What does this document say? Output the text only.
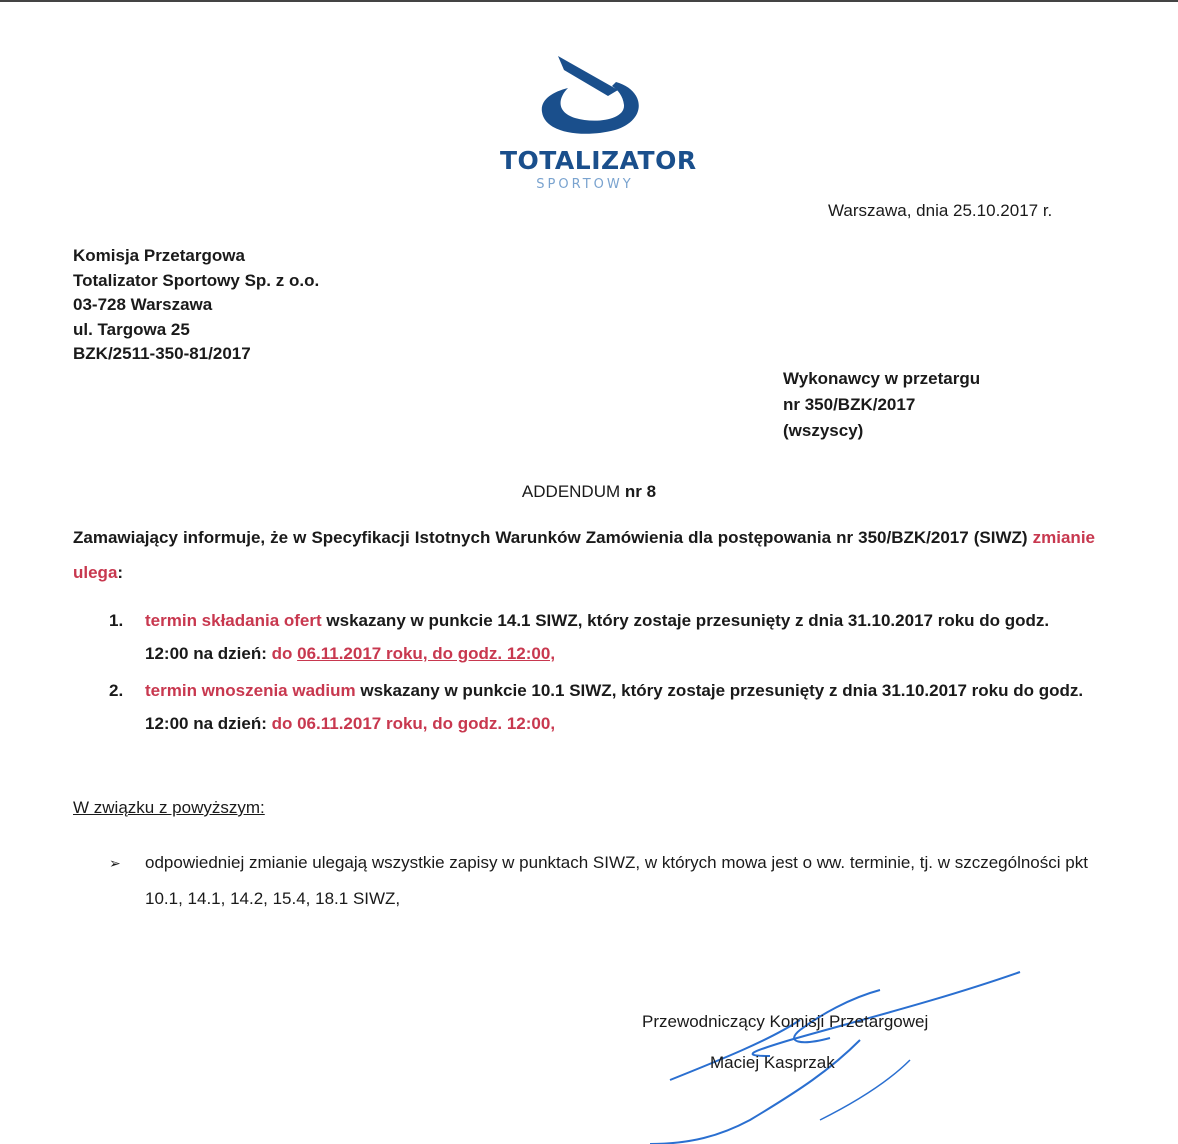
TOTALIZATOR
SPORTOWY
Warszawa, dnia 25.10.2017 r.
Komisja Przetargowa
Totalizator Sportowy Sp. z o.o.
03-728 Warszawa
ul. Targowa 25
BZK/2511-350-81/2017
Wykonawcy w przetargu
nr 350/BZK/2017
(wszyscy)
ADDENDUM nr 8
Zamawiający informuje, że w Specyfikacji Istotnych Warunków Zamówienia dla postępowania nr 350/BZK/2017 (SIWZ) zmianie ulega:
1. termin składania ofert wskazany w punkcie 14.1 SIWZ, który zostaje przesunięty z dnia 31.10.2017 roku do godz. 12:00 na dzień: do 06.11.2017 roku, do godz. 12:00,
2. termin wnoszenia wadium wskazany w punkcie 10.1 SIWZ, który zostaje przesunięty z dnia 31.10.2017 roku do godz. 12:00 na dzień: do 06.11.2017 roku, do godz. 12:00,
W związku z powyższym:
➢ odpowiedniej zmianie ulegają wszystkie zapisy w punktach SIWZ, w których mowa jest o ww. terminie, tj. w szczególności pkt 10.1, 14.1, 14.2, 15.4, 18.1 SIWZ,
Przewodniczący Komisji Przetargowej
Maciej Kasprzak
